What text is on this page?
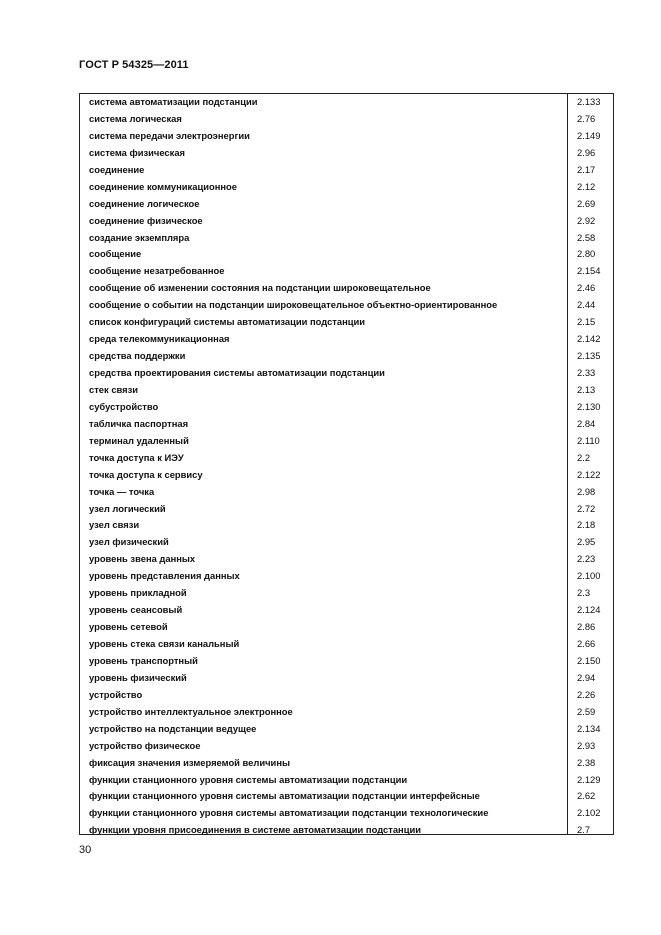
ГОСТ Р 54325—2011
система автоматизации подстанции	2.133
система логическая	2.76
система передачи электроэнергии	2.149
система физическая	2.96
соединение	2.17
соединение коммуникационное	2.12
соединение логическое	2.69
соединение физическое	2.92
создание экземпляра	2.58
сообщение	2.80
сообщение незатребованное	2.154
сообщение об изменении состояния на подстанции широковещательное	2.46
сообщение о событии на подстанции широковещательное объектно-ориентированное	2.44
список конфигураций системы автоматизации подстанции	2.15
среда телекоммуникационная	2.142
средства поддержки	2.135
средства проектирования системы автоматизации подстанции	2.33
стек связи	2.13
субустройство	2.130
табличка паспортная	2.84
терминал удаленный	2.110
точка доступа к ИЭУ	2.2
точка доступа к сервису	2.122
точка — точка	2.98
узел логический	2.72
узел связи	2.18
узел физический	2.95
уровень звена данных	2.23
уровень представления данных	2.100
уровень прикладной	2.3
уровень сеансовый	2.124
уровень сетевой	2.86
уровень стека связи канальный	2.66
уровень транспортный	2.150
уровень физический	2.94
устройство	2.26
устройство интеллектуальное электронное	2.59
устройство на подстанции ведущее	2.134
устройство физическое	2.93
фиксация значения измеряемой величины	2.38
функции станционного уровня системы автоматизации подстанции	2.129
функции станционного уровня системы автоматизации подстанции интерфейсные	2.62
функции станционного уровня системы автоматизации подстанции технологические	2.102
функции уровня присоединения в системе автоматизации подстанции	2.7
30
